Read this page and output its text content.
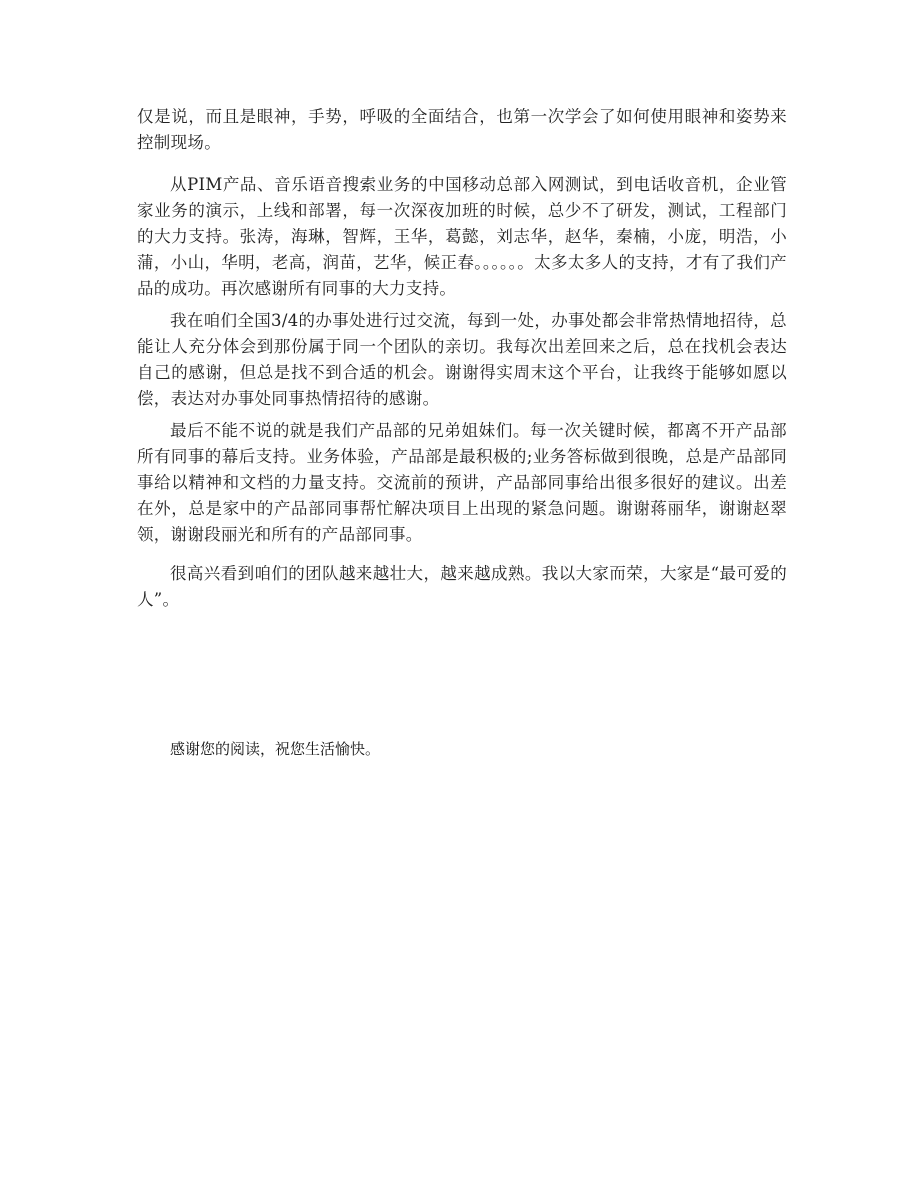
仅是说，而且是眼神，手势，呼吸的全面结合，也第一次学会了如何使用眼神和姿势来控制现场。

从PIM产品、音乐语音搜索业务的中国移动总部入网测试，到电话收音机，企业管家业务的演示，上线和部署，每一次深夜加班的时候，总少不了研发，测试，工程部门的大力支持。张涛，海琳，智辉，王华，葛懿，刘志华，赵华，秦楠，小庞，明浩，小蒲，小山，华明，老高，润苗，艺华，候正春。。。。。。太多太多人的支持，才有了我们产品的成功。再次感谢所有同事的大力支持。

我在咱们全国3/4的办事处进行过交流，每到一处，办事处都会非常热情地招待，总能让人充分体会到那份属于同一个团队的亲切。我每次出差回来之后，总在找机会表达自己的感谢，但总是找不到合适的机会。谢谢得实周末这个平台，让我终于能够如愿以偿，表达对办事处同事热情招待的感谢。

最后不能不说的就是我们产品部的兄弟姐妹们。每一次关键时候，都离不开产品部所有同事的幕后支持。业务体验，产品部是最积极的;业务答标做到很晚，总是产品部同事给以精神和文档的力量支持。交流前的预讲，产品部同事给出很多很好的建议。出差在外，总是家中的产品部同事帮忙解决项目上出现的紧急问题。谢谢蒋丽华，谢谢赵翠领，谢谢段丽光和所有的产品部同事。

很高兴看到咱们的团队越来越壮大，越来越成熟。我以大家而荣，大家是“最可爱的人”。

感谢您的阅读，祝您生活愉快。
